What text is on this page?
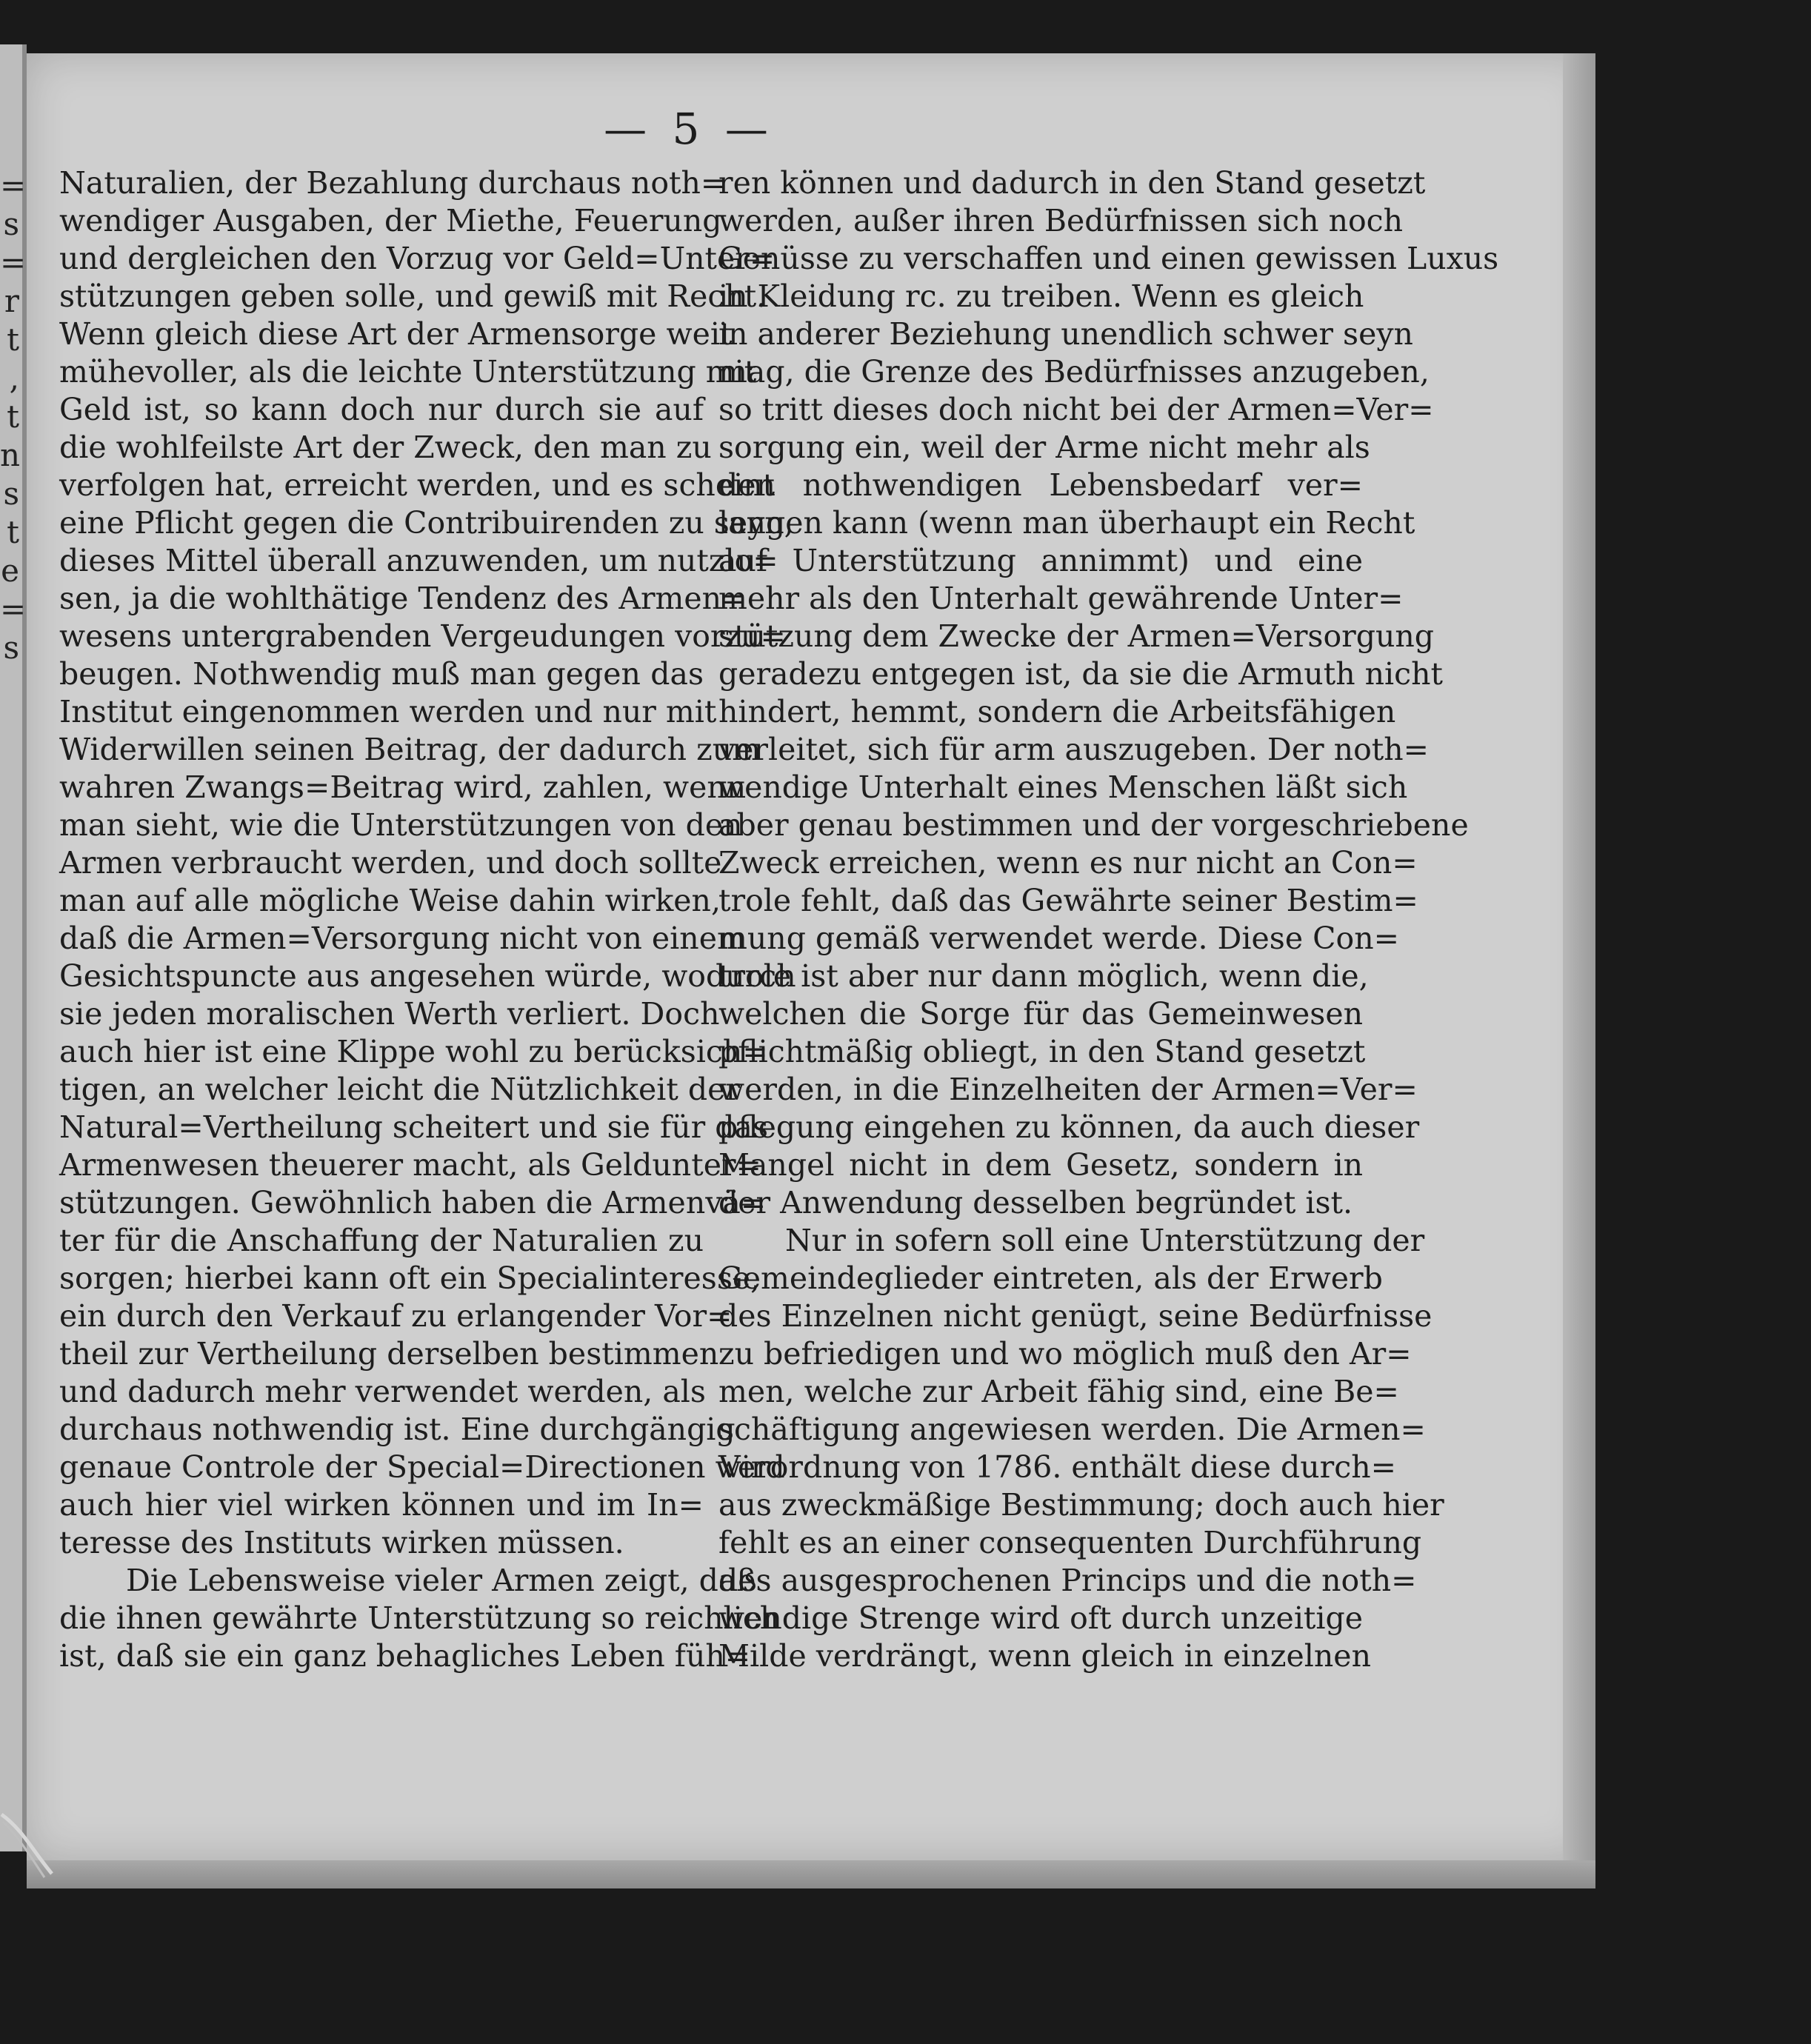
=
s
=
r
t
,
t
n
s
t
e
=
s
— 5 —
Naturalien, der Bezahlung durchaus noth=
wendiger Ausgaben, der Miethe, Feuerung
und dergleichen den Vorzug vor Geld=Unter=
stützungen geben solle, und gewiß mit Recht.
Wenn gleich diese Art der Armensorge weit
mühevoller, als die leichte Unterstützung mit
Geld ist, so kann doch nur durch sie auf
die wohlfeilste Art der Zweck, den man zu
verfolgen hat, erreicht werden, und es scheint
eine Pflicht gegen die Contribuirenden zu seyn,
dieses Mittel überall anzuwenden, um nutzlo=
sen, ja die wohlthätige Tendenz des Armen=
wesens untergrabenden Vergeudungen vorzu=
beugen. Nothwendig muß man gegen das
Institut eingenommen werden und nur mit
Widerwillen seinen Beitrag, der dadurch zum
wahren Zwangs=Beitrag wird, zahlen, wenn
man sieht, wie die Unterstützungen von den
Armen verbraucht werden, und doch sollte
man auf alle mögliche Weise dahin wirken,
daß die Armen=Versorgung nicht von einem
Gesichtspuncte aus angesehen würde, wodurch
sie jeden moralischen Werth verliert. Doch
auch hier ist eine Klippe wohl zu berücksich=
tigen, an welcher leicht die Nützlichkeit der
Natural=Vertheilung scheitert und sie für das
Armenwesen theuerer macht, als Geldunter=
stützungen. Gewöhnlich haben die Armenvä=
ter für die Anschaffung der Naturalien zu
sorgen; hierbei kann oft ein Specialinteresse,
ein durch den Verkauf zu erlangender Vor=
theil zur Vertheilung derselben bestimmen
und dadurch mehr verwendet werden, als
durchaus nothwendig ist. Eine durchgängig
genaue Controle der Special=Directionen wird
auch hier viel wirken können und im In=
teresse des Instituts wirken müssen.
Die Lebensweise vieler Armen zeigt, daß
die ihnen gewährte Unterstützung so reichlich
ist, daß sie ein ganz behagliches Leben füh=
ren können und dadurch in den Stand gesetzt
werden, außer ihren Bedürfnissen sich noch
Genüsse zu verschaffen und einen gewissen Luxus
in Kleidung rc. zu treiben. Wenn es gleich
in anderer Beziehung unendlich schwer seyn
mag, die Grenze des Bedürfnisses anzugeben,
so tritt dieses doch nicht bei der Armen=Ver=
sorgung ein, weil der Arme nicht mehr als
den nothwendigen Lebensbedarf ver=
langen kann (wenn man überhaupt ein Recht
auf Unterstützung annimmt) und eine
mehr als den Unterhalt gewährende Unter=
stützung dem Zwecke der Armen=Versorgung
geradezu entgegen ist, da sie die Armuth nicht
hindert, hemmt, sondern die Arbeitsfähigen
verleitet, sich für arm auszugeben. Der noth=
wendige Unterhalt eines Menschen läßt sich
aber genau bestimmen und der vorgeschriebene
Zweck erreichen, wenn es nur nicht an Con=
trole fehlt, daß das Gewährte seiner Bestim=
mung gemäß verwendet werde. Diese Con=
trole ist aber nur dann möglich, wenn die,
welchen die Sorge für das Gemeinwesen
pflichtmäßig obliegt, in den Stand gesetzt
werden, in die Einzelheiten der Armen=Ver=
pflegung eingehen zu können, da auch dieser
Mangel nicht in dem Gesetz, sondern in
der Anwendung desselben begründet ist.
Nur in sofern soll eine Unterstützung der
Gemeindeglieder eintreten, als der Erwerb
des Einzelnen nicht genügt, seine Bedürfnisse
zu befriedigen und wo möglich muß den Ar=
men, welche zur Arbeit fähig sind, eine Be=
schäftigung angewiesen werden. Die Armen=
Verordnung von 1786. enthält diese durch=
aus zweckmäßige Bestimmung; doch auch hier
fehlt es an einer consequenten Durchführung
des ausgesprochenen Princips und die noth=
wendige Strenge wird oft durch unzeitige
Milde verdrängt, wenn gleich in einzelnen
